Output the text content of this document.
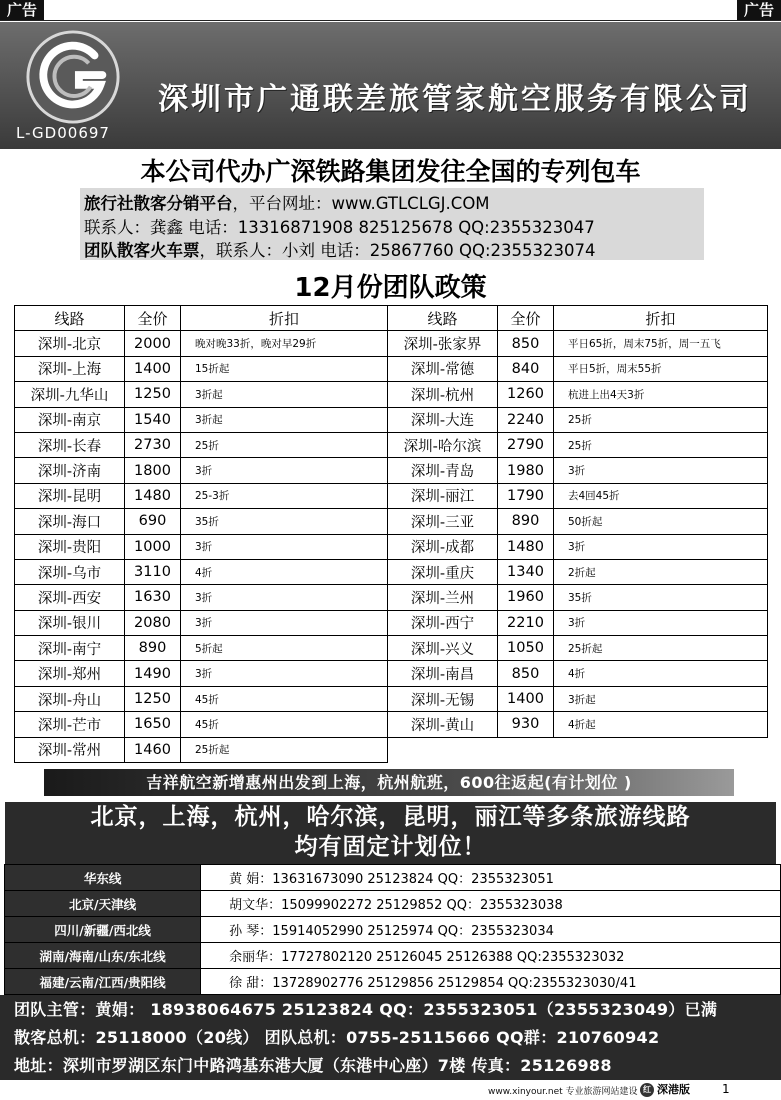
广告	广告
深圳市广通联差旅管家航空服务有限公司
L-GD00697
本公司代办广深铁路集团发往全国的专列包车
旅行社散客分销平台，平台网址：www.GTLCLGJ.COM
联系人：龚鑫 电话：13316871908 825125678 QQ:2355323047
团队散客火车票，联系人：小刘 电话：25867760 QQ:2355323074
12月份团队政策
线路	全价	折扣
深圳-北京	2000	晚对晚33折，晚对早29折
深圳-上海	1400	15折起
深圳-九华山	1250	3折起
深圳-南京	1540	3折起
深圳-长春	2730	25折
深圳-济南	1800	3折
深圳-昆明	1480	25-3折
深圳-海口	690	35折
深圳-贵阳	1000	3折
深圳-乌市	3110	4折
深圳-西安	1630	3折
深圳-银川	2080	3折
深圳-南宁	890	5折起
深圳-郑州	1490	3折
深圳-舟山	1250	45折
深圳-芒市	1650	45折
深圳-常州	1460	25折起
线路	全价	折扣
深圳-张家界	850	平日65折，周末75折，周一五飞
深圳-常德	840	平日5折，周末55折
深圳-杭州	1260	杭进上出4天3折
深圳-大连	2240	25折
深圳-哈尔滨	2790	25折
深圳-青岛	1980	3折
深圳-丽江	1790	去4回45折
深圳-三亚	890	50折起
深圳-成都	1480	3折
深圳-重庆	1340	2折起
深圳-兰州	1960	35折
深圳-西宁	2210	3折
深圳-兴义	1050	25折起
深圳-南昌	850	4折
深圳-无锡	1400	3折起
深圳-黄山	930	4折起
吉祥航空新增惠州出发到上海，杭州航班，600往返起(有计划位 )
北京，上海，杭州，哈尔滨，昆明，丽江等多条旅游线路
均有固定计划位！
华东线	黄 娟：13631673090 25123824 QQ：2355323051
北京/天津线	胡文华：15099902272 25129852 QQ：2355323038
四川/新疆/西北线	孙 琴：15914052990 25125974 QQ：2355323034
湖南/海南/山东/东北线	余丽华：17727802120 25126045 25126388 QQ:2355323032
福建/云南/江西/贵阳线	徐 甜：13728902776 25129856 25129854 QQ:2355323030/41
团队主管：黄娟： 18938064675 25123824 QQ：2355323051（2355323049）已满
散客总机：25118000（20线） 团队总机：0755-25115666 QQ群：210760942
地址：深圳市罗湖区东门中路鸿基东港大厦（东港中心座）7楼 传真：25126988
www.xinyour.net 专业旅游网站建设 红 深港版	1
